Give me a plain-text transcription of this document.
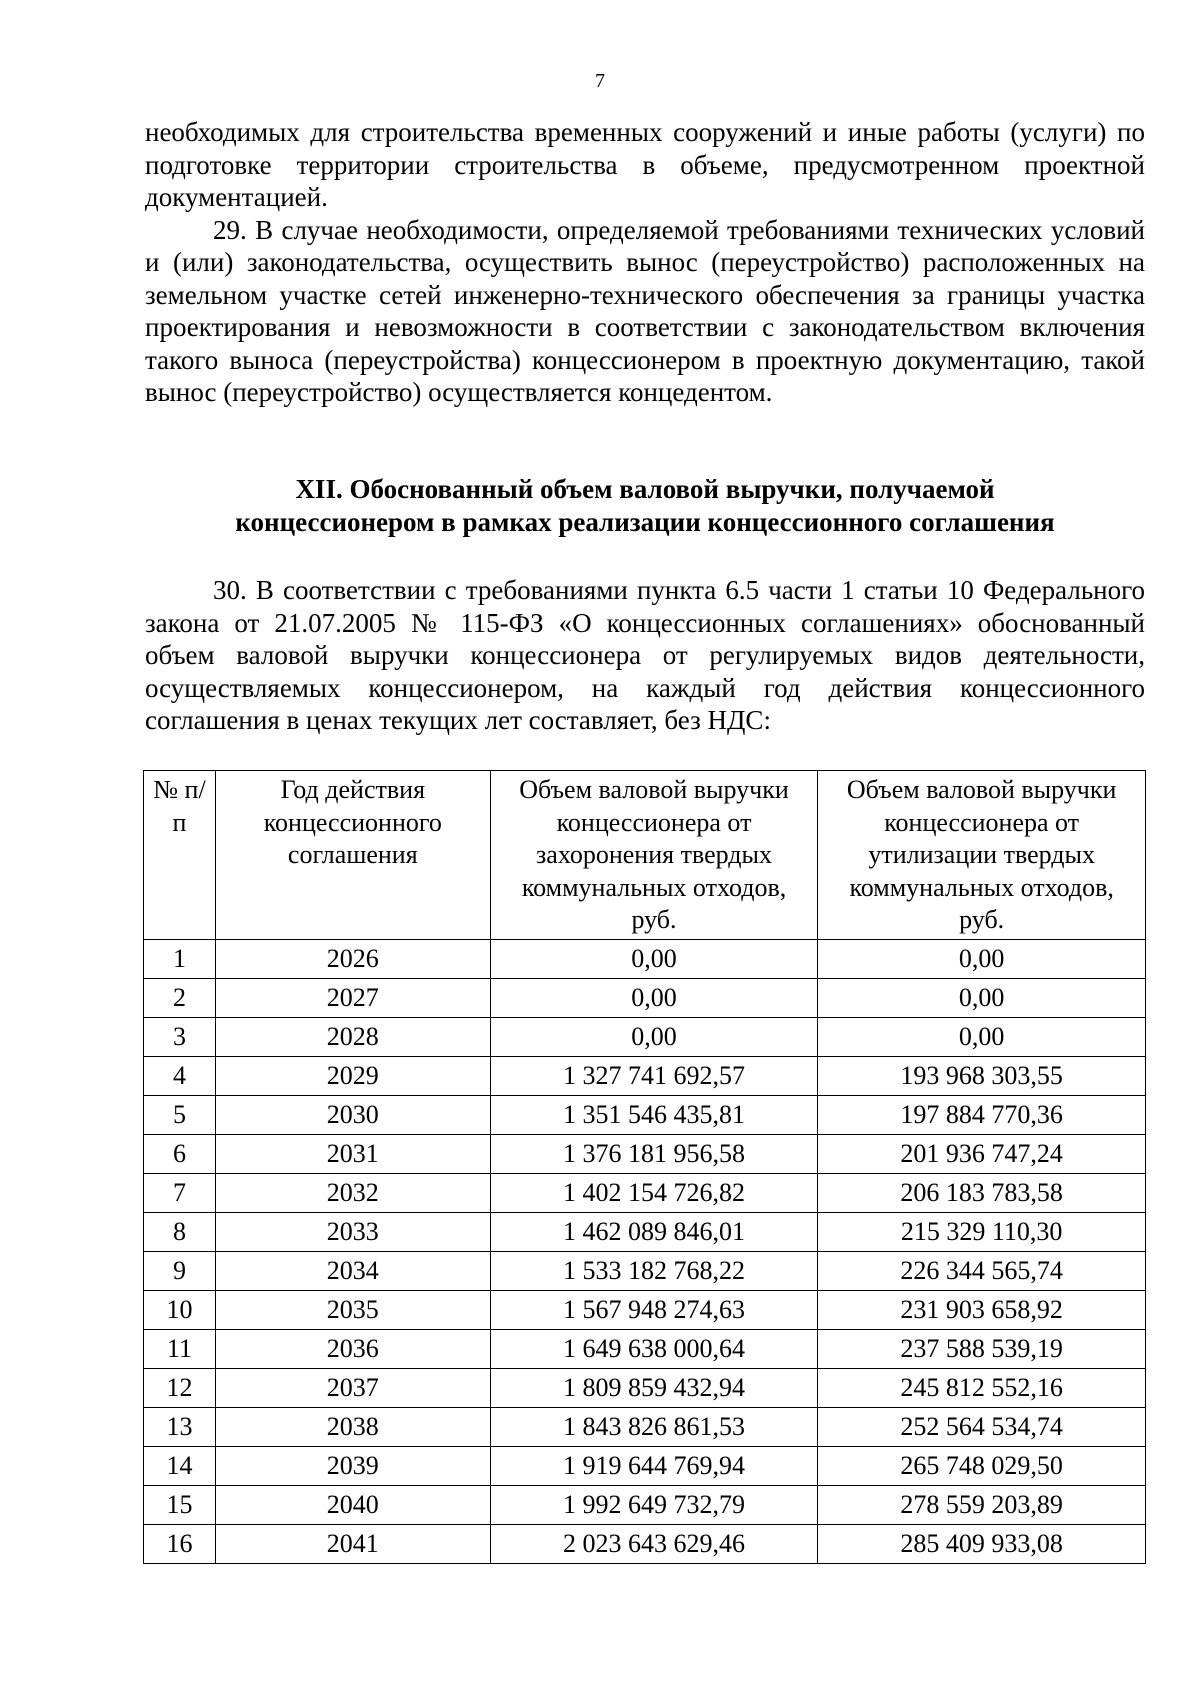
7

необходимых для строительства временных сооружений и иные работы (услуги) по подготовке территории строительства в объеме, предусмотренном проектной документацией.

29. В случае необходимости, определяемой требованиями технических условий и (или) законодательства, осуществить вынос (переустройство) расположенных на земельном участке сетей инженерно-технического обеспечения за границы участка проектирования и невозможности в соответствии с законодательством включения такого выноса (переустройства) концессионером в проектную документацию, такой вынос (переустройство) осуществляется концедентом.

XII. Обоснованный объем валовой выручки, получаемой
концессионером в рамках реализации концессионного соглашения

30. В соответствии с требованиями пункта 6.5 части 1 статьи 10 Федерального закона от 21.07.2005 № 115-ФЗ «О концессионных соглашениях» обоснованный объем валовой выручки концессионера от регулируемых видов деятельности, осуществляемых концессионером, на каждый год действия концессионного соглашения в ценах текущих лет составляет, без НДС:

№ п/п	Год действия концессионного соглашения	Объем валовой выручки концессионера от захоронения твердых коммунальных отходов, руб.	Объем валовой выручки концессионера от утилизации твердых коммунальных отходов, руб.
1	2026	0,00	0,00
2	2027	0,00	0,00
3	2028	0,00	0,00
4	2029	1 327 741 692,57	193 968 303,55
5	2030	1 351 546 435,81	197 884 770,36
6	2031	1 376 181 956,58	201 936 747,24
7	2032	1 402 154 726,82	206 183 783,58
8	2033	1 462 089 846,01	215 329 110,30
9	2034	1 533 182 768,22	226 344 565,74
10	2035	1 567 948 274,63	231 903 658,92
11	2036	1 649 638 000,64	237 588 539,19
12	2037	1 809 859 432,94	245 812 552,16
13	2038	1 843 826 861,53	252 564 534,74
14	2039	1 919 644 769,94	265 748 029,50
15	2040	1 992 649 732,79	278 559 203,89
16	2041	2 023 643 629,46	285 409 933,08
